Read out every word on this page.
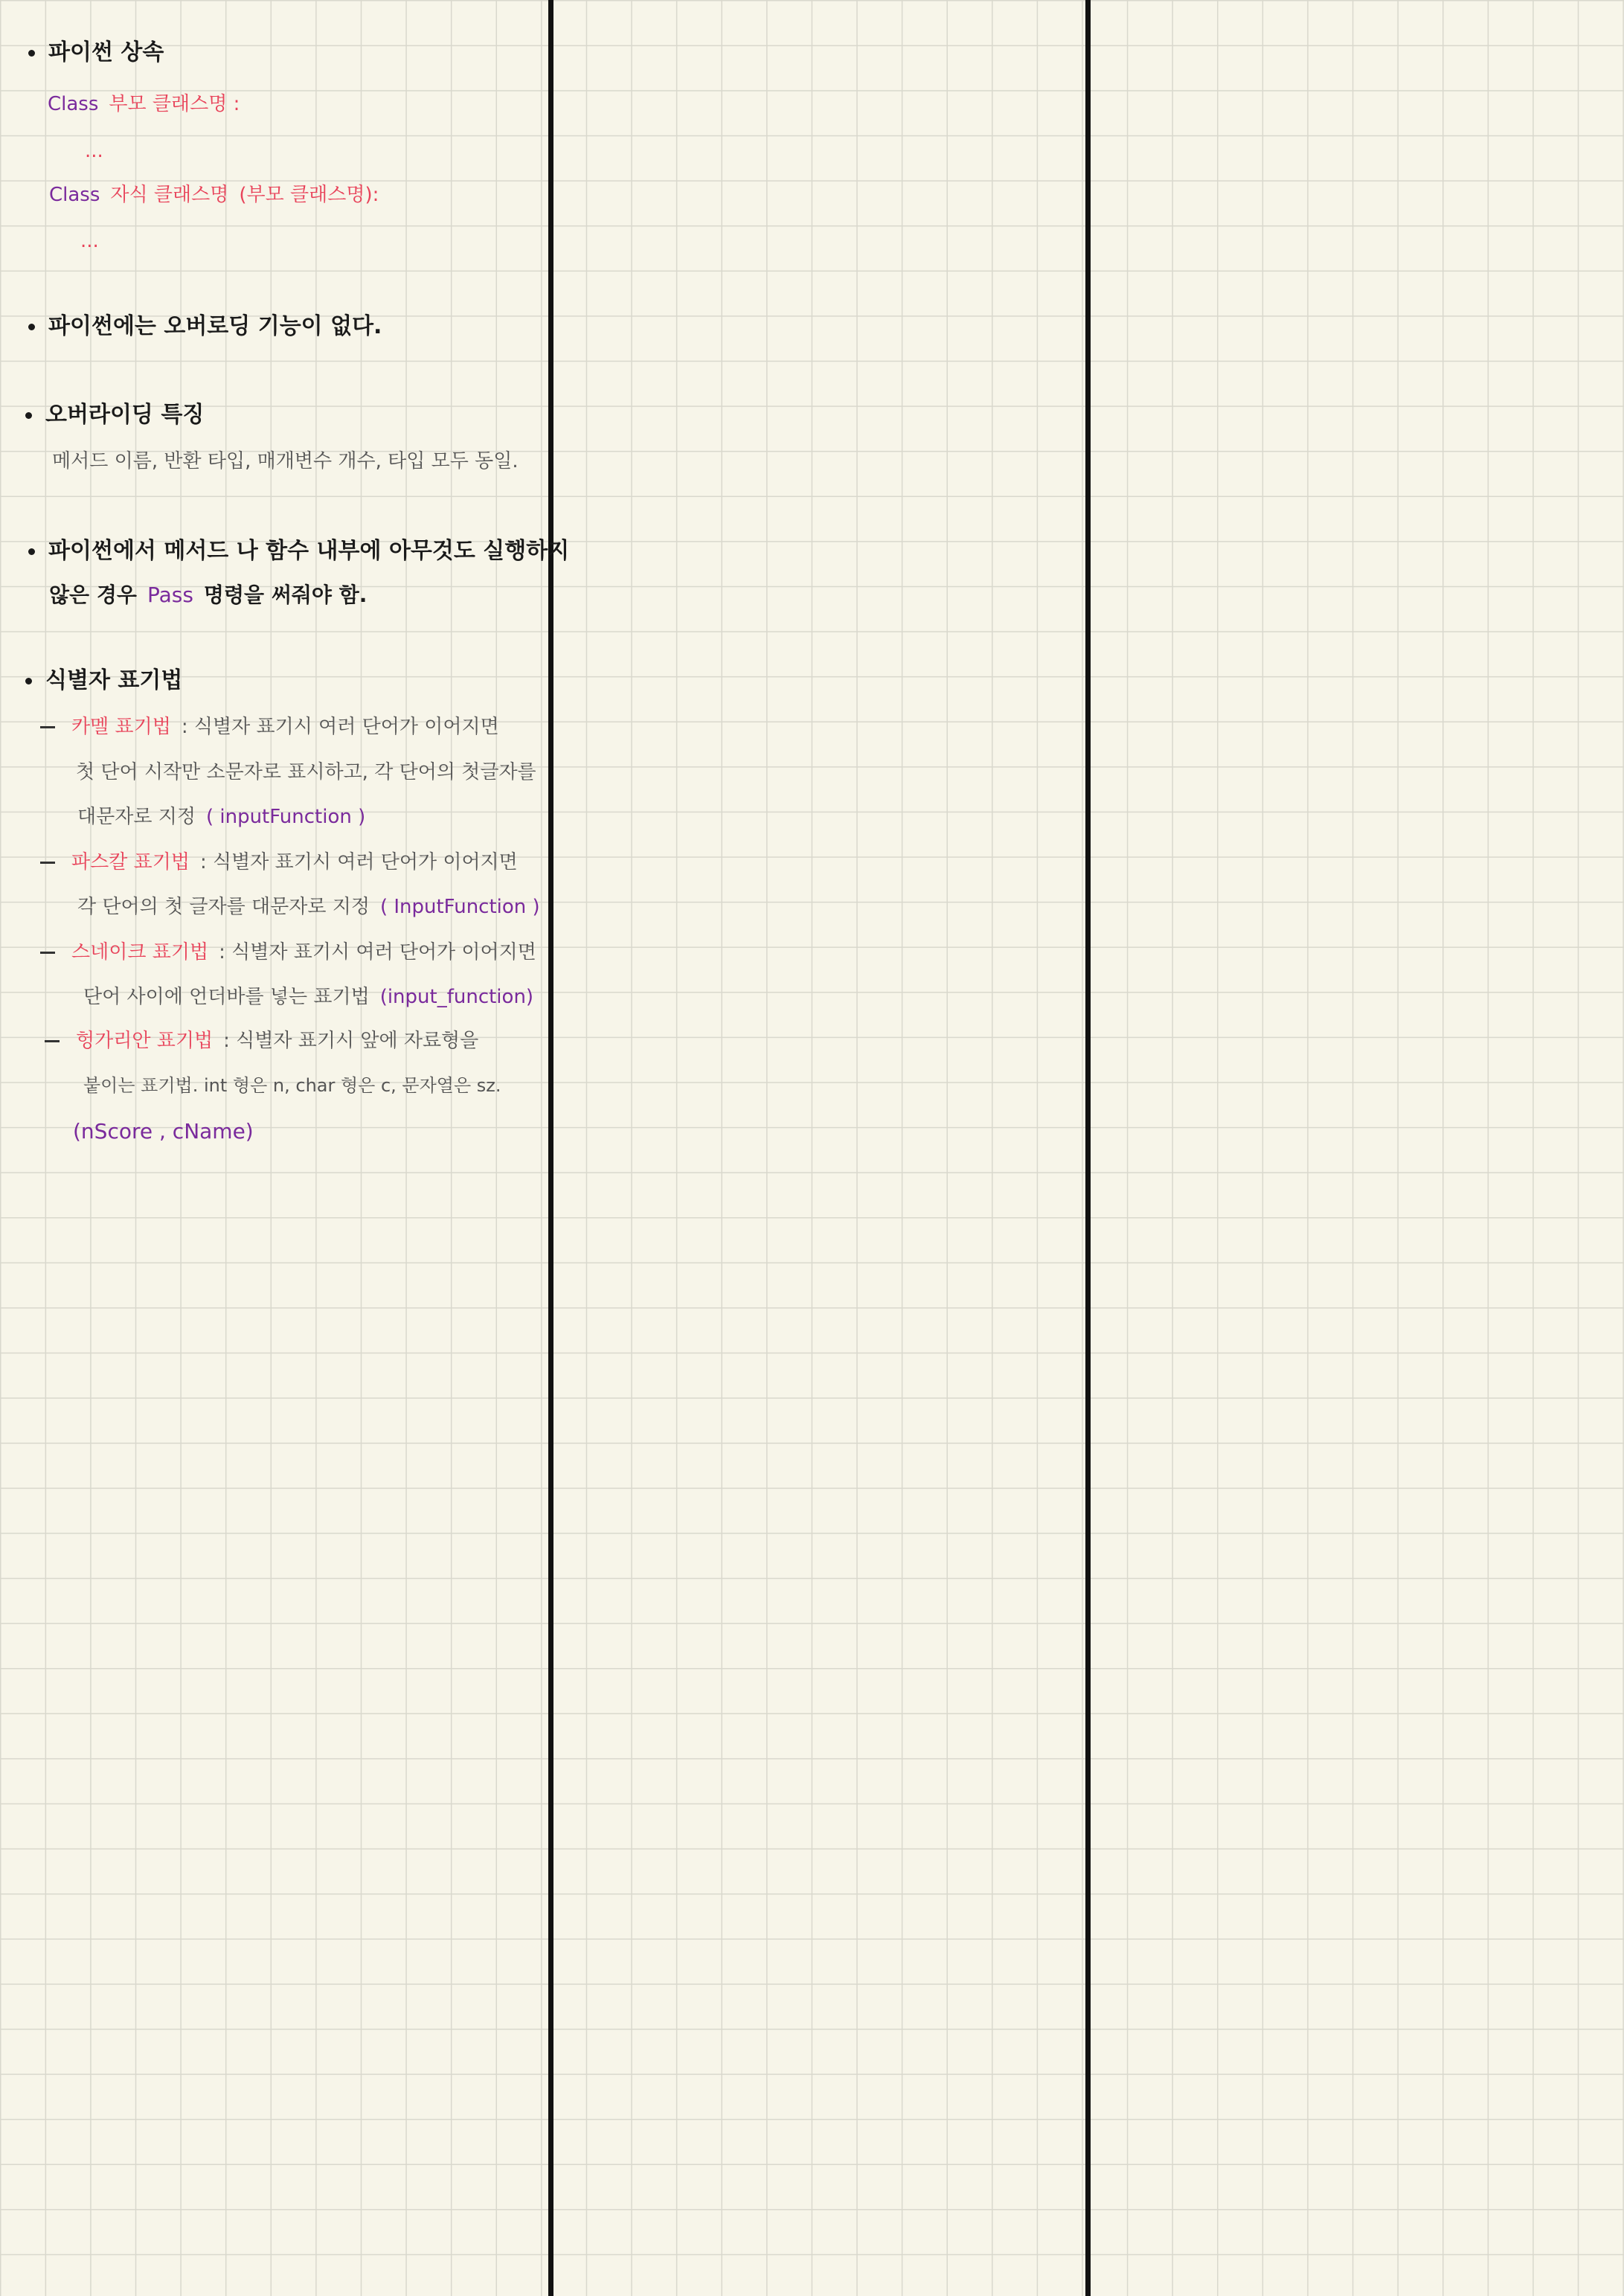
파이썬 상속
Class 부모 클래스명 :
...
Class 자식 클래스명 (부모 클래스명):
...
파이썬에는 오버로딩 기능이 없다.
오버라이딩 특징
메서드 이름, 반환 타입, 매개변수 개수, 타입 모두 동일.
파이썬에서 메서드 나 함수 내부에 아무것도 실행하지
않은 경우 Pass 명령을 써줘야 함.
식별자 표기법
카멜 표기법 : 식별자 표기시 여러 단어가 이어지면
첫 단어 시작만 소문자로 표시하고, 각 단어의 첫글자를
대문자로 지정 ( inputFunction )
파스칼 표기법 : 식별자 표기시 여러 단어가 이어지면
각 단어의 첫 글자를 대문자로 지정 ( InputFunction )
스네이크 표기법 : 식별자 표기시 여러 단어가 이어지면
단어 사이에 언더바를 넣는 표기법 (input_function)
헝가리안 표기법 : 식별자 표기시 앞에 자료형을
붙이는 표기법. int 형은 n, char 형은 c, 문자열은 sz.
(nScore , cName)
